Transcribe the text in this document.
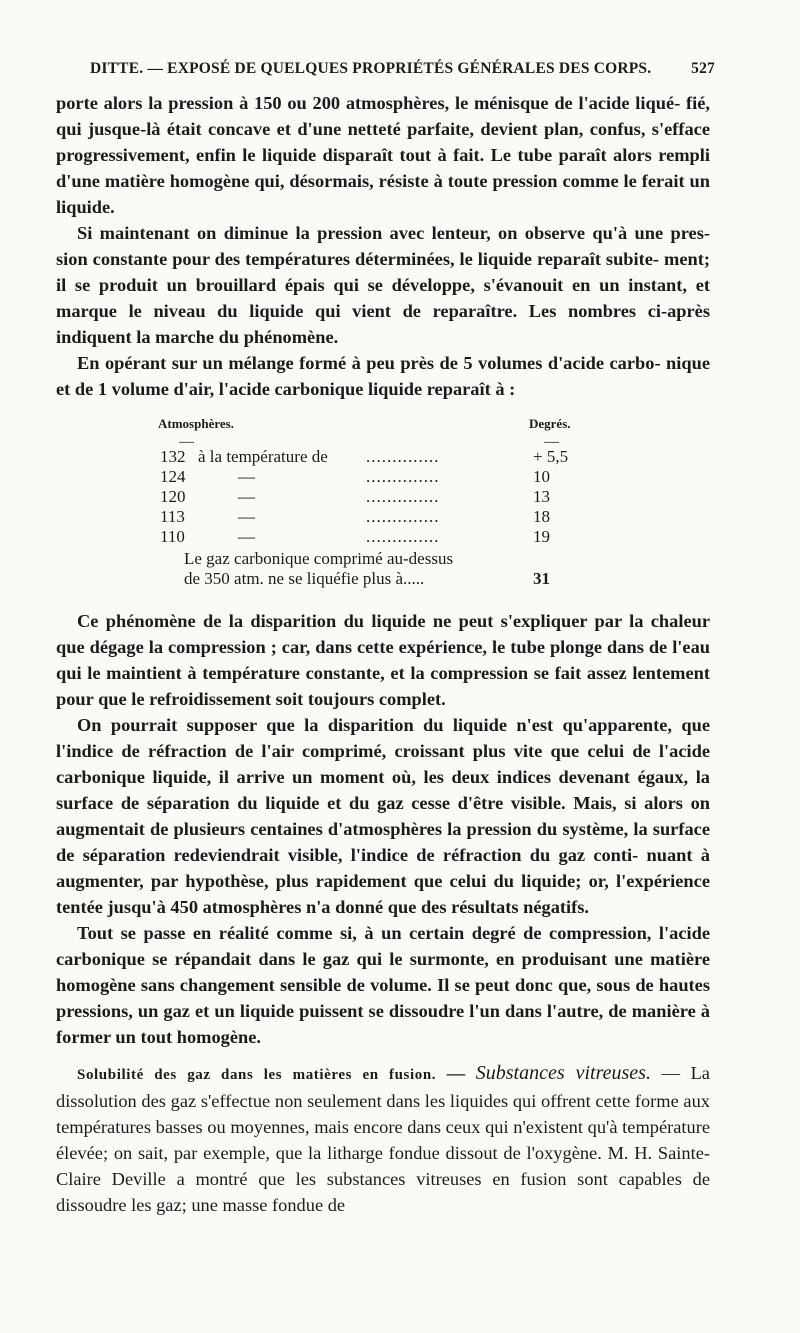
DITTE. — EXPOSÉ DE QUELQUES PROPRIÉTÉS GÉNÉRALES DES CORPS.	527

porte alors la pression à 150 ou 200 atmosphères, le ménisque de l'acide liqué- fié, qui jusque-là était concave et d'une netteté parfaite, devient plan, confus, s'efface progressivement, enfin le liquide disparaît tout à fait. Le tube paraît alors rempli d'une matière homogène qui, désormais, résiste à toute pression comme le ferait un liquide.

Si maintenant on diminue la pression avec lenteur, on observe qu'à une pres- sion constante pour des températures déterminées, le liquide reparaît subite- ment; il se produit un brouillard épais qui se développe, s'évanouit en un instant, et marque le niveau du liquide qui vient de reparaître. Les nombres ci-après indiquent la marche du phénomène.

En opérant sur un mélange formé à peu près de 5 volumes d'acide carbo- nique et de 1 volume d'air, l'acide carbonique liquide reparaît à :

Atmosphères.	Degrés.
—	—
132 à la température de ..............	+ 5,5
124	—	..............	10
120	—	..............	13
113	—	..............	18
110	—	..............	19
Le gaz carbonique comprimé au-dessus
de 350 atm. ne se liquéfie plus à.....	31

Ce phénomène de la disparition du liquide ne peut s'expliquer par la chaleur que dégage la compression ; car, dans cette expérience, le tube plonge dans de l'eau qui le maintient à température constante, et la compression se fait assez lentement pour que le refroidissement soit toujours complet.

On pourrait supposer que la disparition du liquide n'est qu'apparente, que l'indice de réfraction de l'air comprimé, croissant plus vite que celui de l'acide carbonique liquide, il arrive un moment où, les deux indices devenant égaux, la surface de séparation du liquide et du gaz cesse d'être visible. Mais, si alors on augmentait de plusieurs centaines d'atmosphères la pression du système, la surface de séparation redeviendrait visible, l'indice de réfraction du gaz conti- nuant à augmenter, par hypothèse, plus rapidement que celui du liquide; or, l'expérience tentée jusqu'à 450 atmosphères n'a donné que des résultats négatifs.

Tout se passe en réalité comme si, à un certain degré de compression, l'acide carbonique se répandait dans le gaz qui le surmonte, en produisant une matière homogène sans changement sensible de volume. Il se peut donc que, sous de hautes pressions, un gaz et un liquide puissent se dissoudre l'un dans l'autre, de manière à former un tout homogène.

Solubilité des gaz dans les matières en fusion. — Substances vitreuses. — La dissolution des gaz s'effectue non seulement dans les liquides qui offrent cette forme aux températures basses ou moyennes, mais encore dans ceux qui n'existent qu'à température élevée; on sait, par exemple, que la litharge fondue dissout de l'oxygène. M. H. Sainte-Claire Deville a montré que les substances vitreuses en fusion sont capables de dissoudre les gaz; une masse fondue de
